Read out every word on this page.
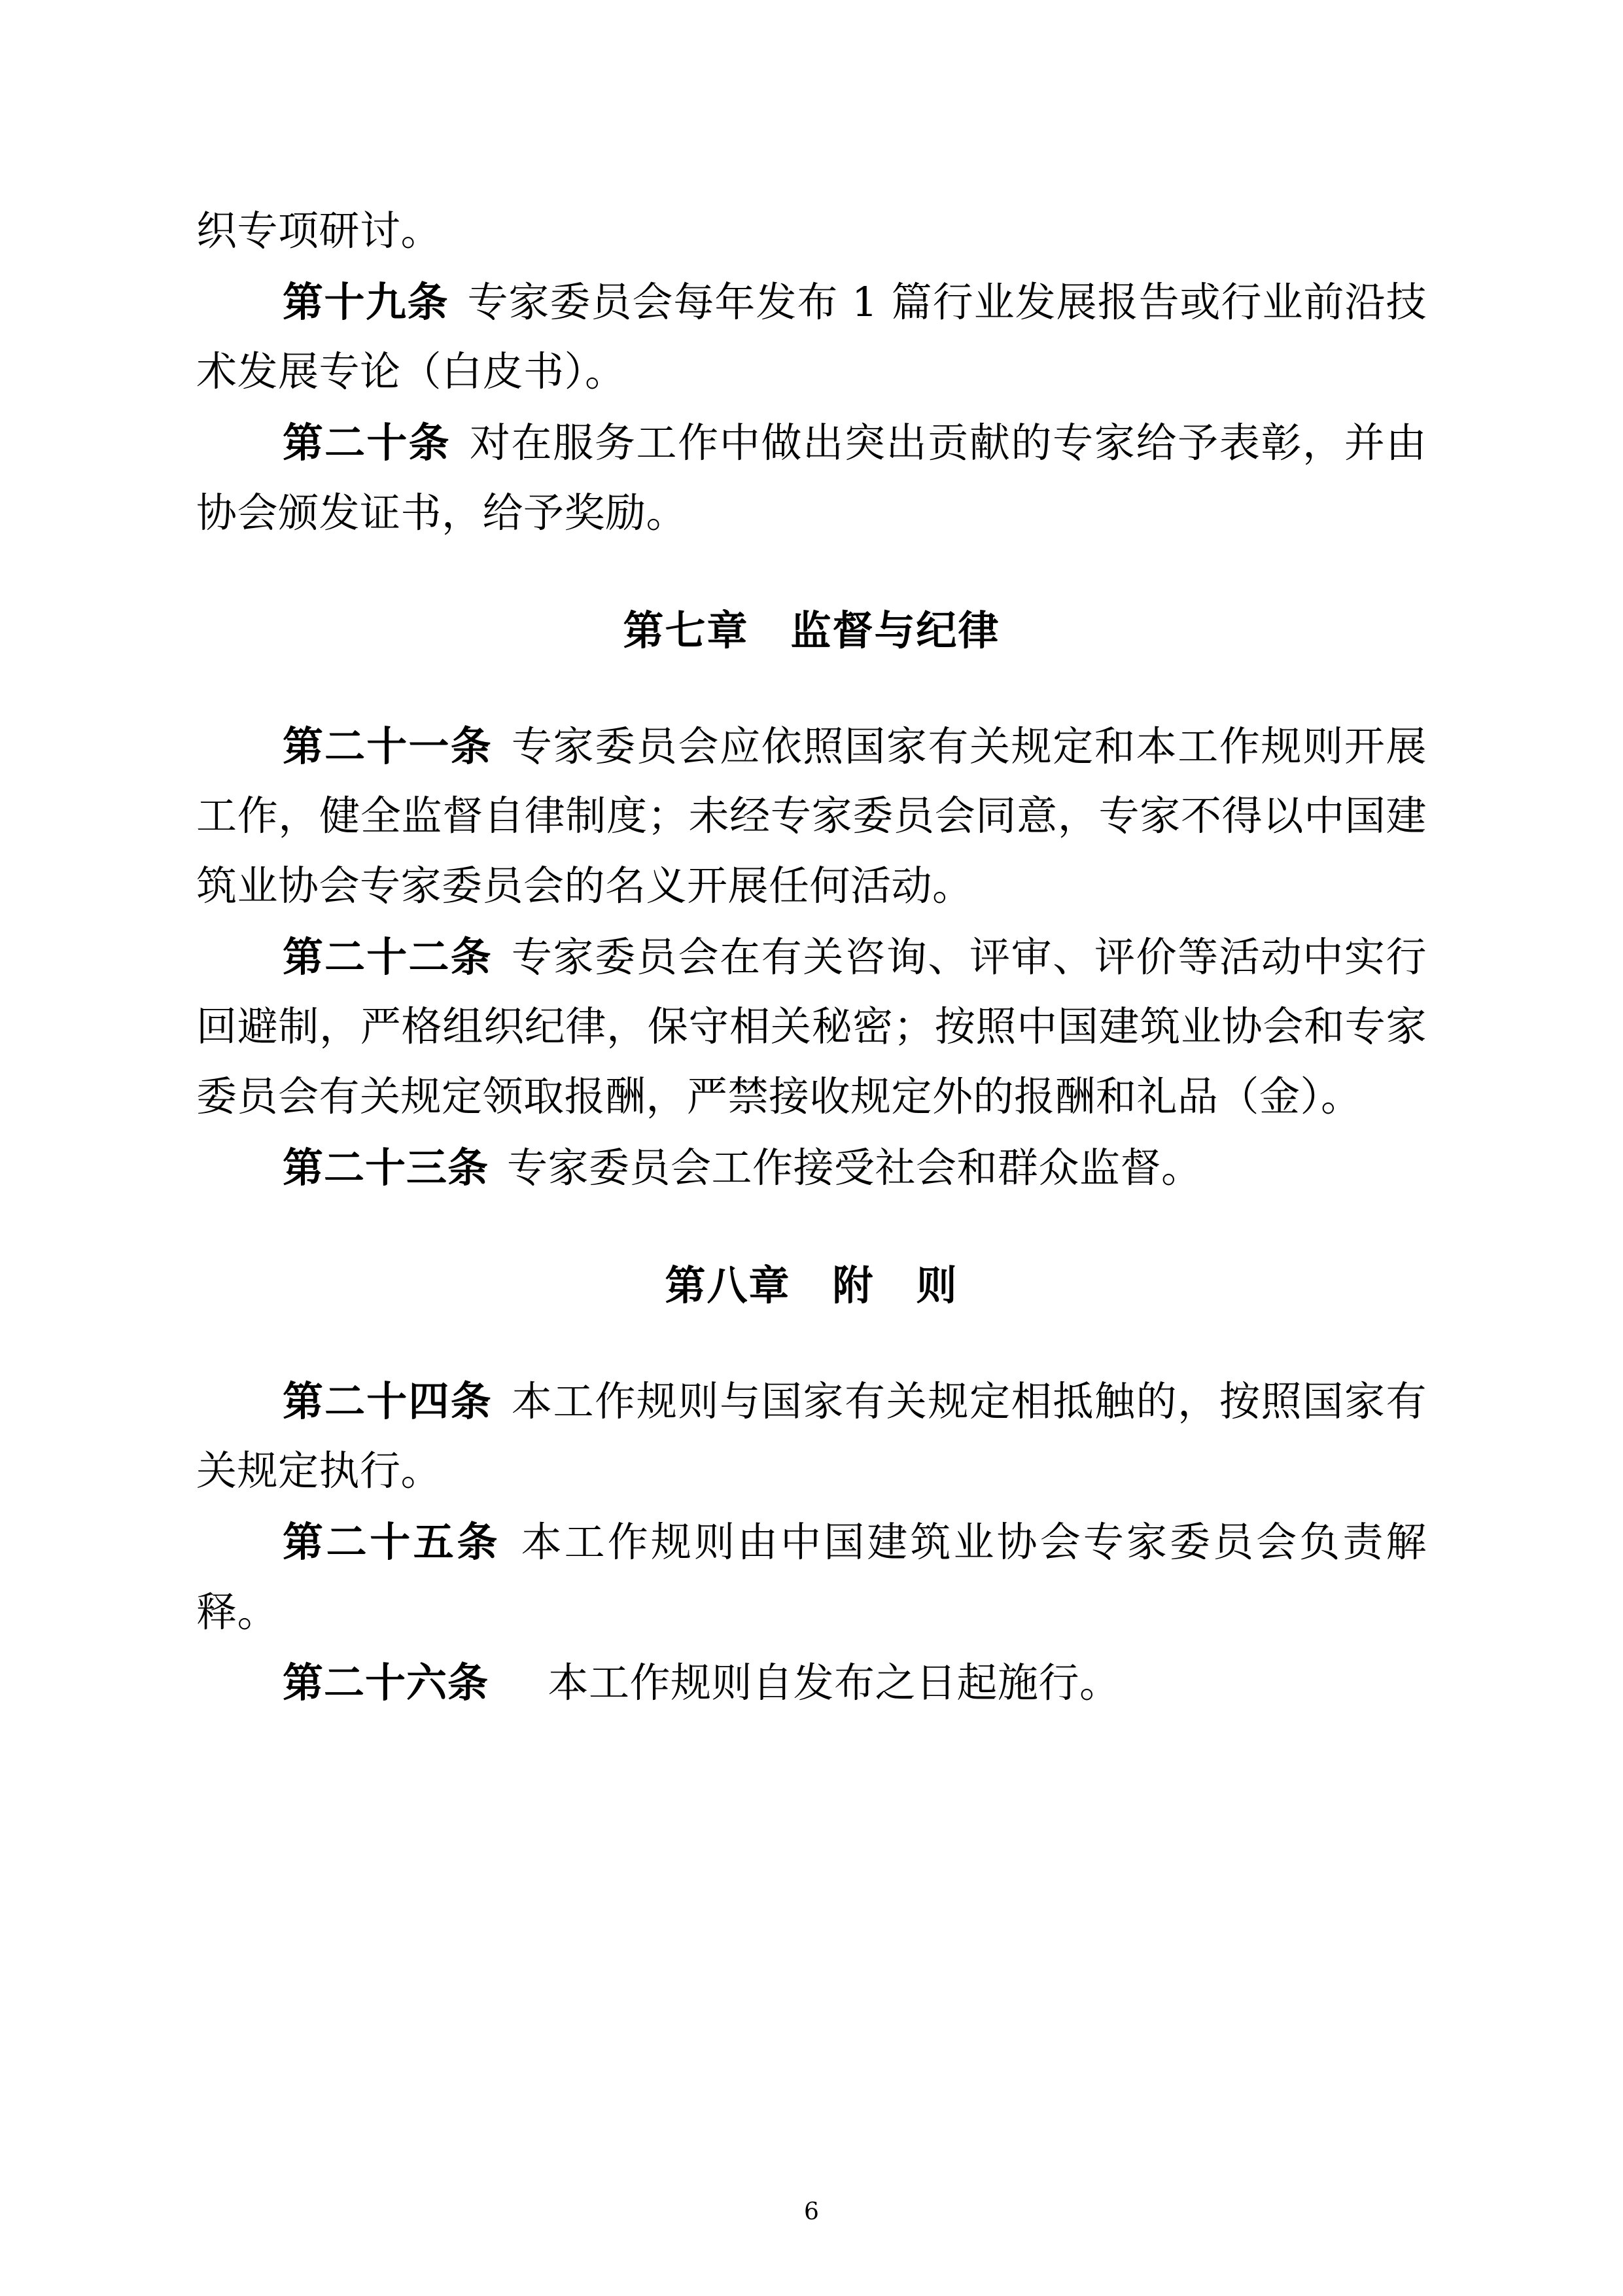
织专项研讨。

第十九条 专家委员会每年发布 1 篇行业发展报告或行业前沿技术发展专论（白皮书）。

第二十条 对在服务工作中做出突出贡献的专家给予表彰，并由协会颁发证书，给予奖励。

第七章　监督与纪律

第二十一条 专家委员会应依照国家有关规定和本工作规则开展工作，健全监督自律制度；未经专家委员会同意，专家不得以中国建筑业协会专家委员会的名义开展任何活动。

第二十二条 专家委员会在有关咨询、评审、评价等活动中实行回避制，严格组织纪律，保守相关秘密；按照中国建筑业协会和专家委员会有关规定领取报酬，严禁接收规定外的报酬和礼品（金）。

第二十三条 专家委员会工作接受社会和群众监督。

第八章　附　则

第二十四条 本工作规则与国家有关规定相抵触的，按照国家有关规定执行。

第二十五条 本工作规则由中国建筑业协会专家委员会负责解释。

第二十六条　本工作规则自发布之日起施行。

6
